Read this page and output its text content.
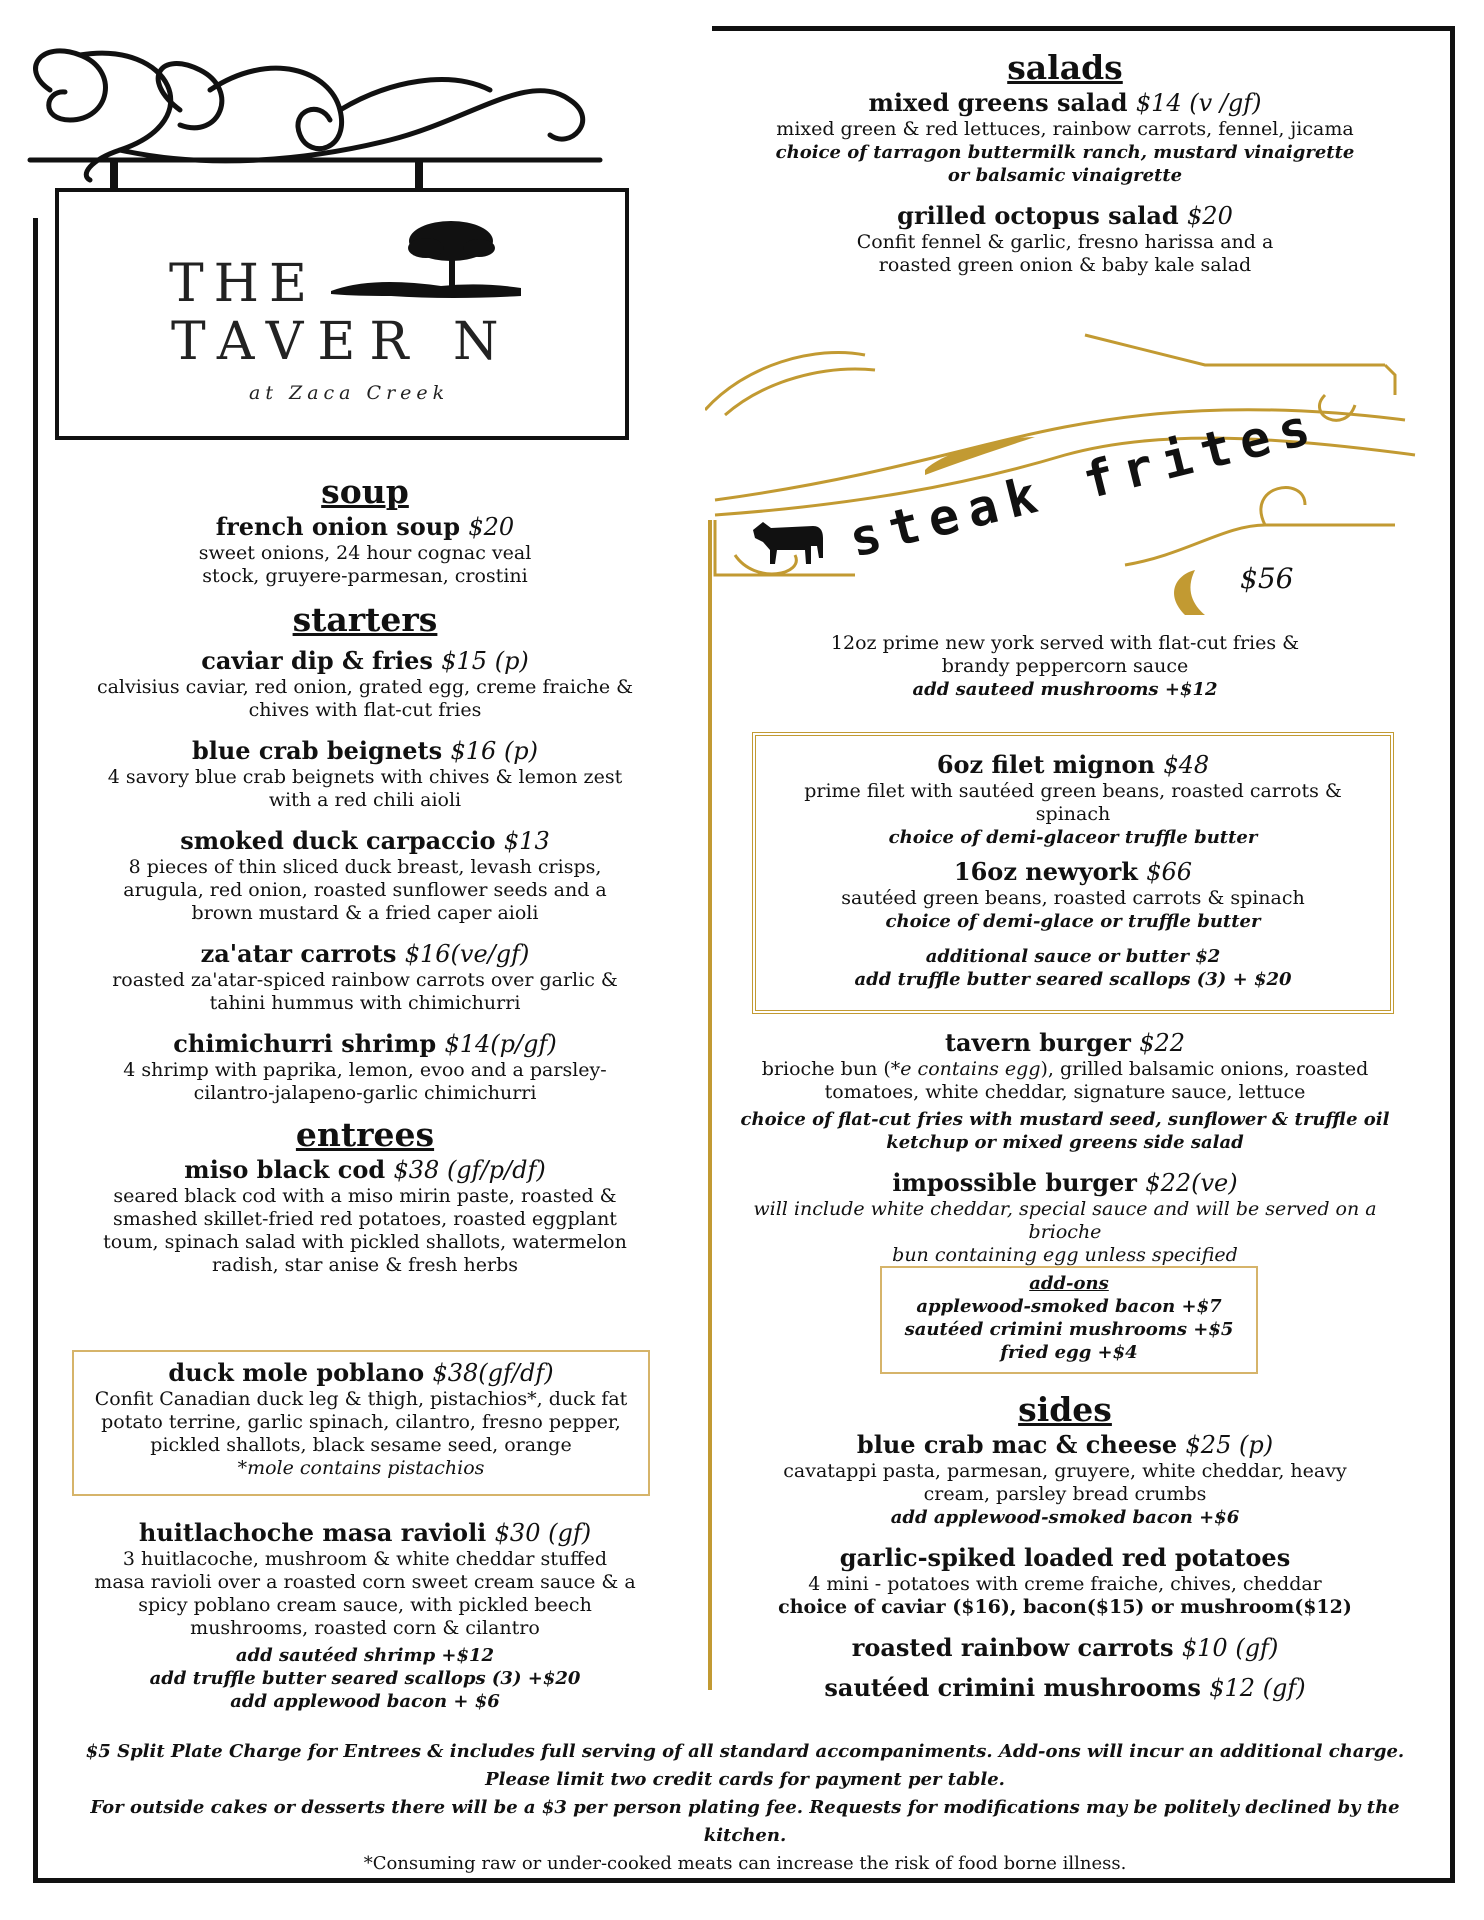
THE
TAVER N
at Zaca Creek

soup

french onion soup $20

sweet onions, 24 hour cognac veal
stock, gruyere-parmesan, crostini

starters

caviar dip & fries $15 (p)

calvisius caviar, red onion, grated egg, creme fraiche &
chives with flat-cut fries

blue crab beignets $16 (p)

4 savory blue crab beignets with chives & lemon zest
with a red chili aioli

smoked duck carpaccio $13

8 pieces of thin sliced duck breast, levash crisps,
arugula, red onion, roasted sunflower seeds and a
brown mustard & a fried caper aioli

za'atar carrots $16(ve/gf)

roasted za'atar-spiced rainbow carrots over garlic &
tahini hummus with chimichurri

chimichurri shrimp $14(p/gf)

4 shrimp with paprika, lemon, evoo and a parsley-
cilantro-jalapeno-garlic chimichurri

entrees

miso black cod $38 (gf/p/df)

seared black cod with a miso mirin paste, roasted &
smashed skillet-fried red potatoes, roasted eggplant
toum, spinach salad with pickled shallots, watermelon
radish, star anise & fresh herbs

duck mole poblano $38(gf/df)

Confit Canadian duck leg & thigh, pistachios*, duck fat
potato terrine, garlic spinach, cilantro, fresno pepper,
pickled shallots, black sesame seed, orange

*mole contains pistachios

huitlachoche masa ravioli $30 (gf)

3 huitlacoche, mushroom & white cheddar stuffed
masa ravioli over a roasted corn sweet cream sauce & a
spicy poblano cream sauce, with pickled beech
mushrooms, roasted corn & cilantro

add sautéed shrimp +$12
add truffle butter seared scallops (3) +$20
add applewood bacon + $6

salads

mixed greens salad $14 (v /gf)

mixed green & red lettuces, rainbow carrots, fennel, jicama

choice of tarragon buttermilk ranch, mustard vinaigrette
or balsamic vinaigrette

grilled octopus salad $20

Confit fennel & garlic, fresno harissa and a
roasted green onion & baby kale salad

steak frites
$56

12oz prime new york served with flat-cut fries &
brandy peppercorn sauce

add sauteed mushrooms +$12

6oz filet mignon $48

prime filet with sautéed green beans, roasted carrots &
spinach

choice of demi-glaceor truffle butter

16oz newyork $66

sautéed green beans, roasted carrots & spinach

choice of demi-glace or truffle butter

additional sauce or butter $2
add truffle butter seared scallops (3) + $20

tavern burger $22

brioche bun (*e contains egg), grilled balsamic onions, roasted
tomatoes, white cheddar, signature sauce, lettuce

choice of flat-cut fries with mustard seed, sunflower & truffle oil
ketchup or mixed greens side salad

impossible burger $22(ve)

will include white cheddar, special sauce and will be served on a brioche
bun containing egg unless specified

add-ons

applewood-smoked bacon +$7
sautéed crimini mushrooms +$5
fried egg +$4

sides

blue crab mac & cheese $25 (p)

cavatappi pasta, parmesan, gruyere, white cheddar, heavy
cream, parsley bread crumbs

add applewood-smoked bacon +$6

garlic-spiked loaded red potatoes

4 mini - potatoes with creme fraiche, chives, cheddar

choice of caviar ($16), bacon($15) or mushroom($12)

roasted rainbow carrots $10 (gf)

sautéed crimini mushrooms $12 (gf)

$5 Split Plate Charge for Entrees & includes full serving of all standard accompaniments. Add-ons will incur an additional charge.

Please limit two credit cards for payment per table.

For outside cakes or desserts there will be a $3 per person plating fee. Requests for modifications may be politely declined by the kitchen.

*Consuming raw or under-cooked meats can increase the risk of food borne illness.
